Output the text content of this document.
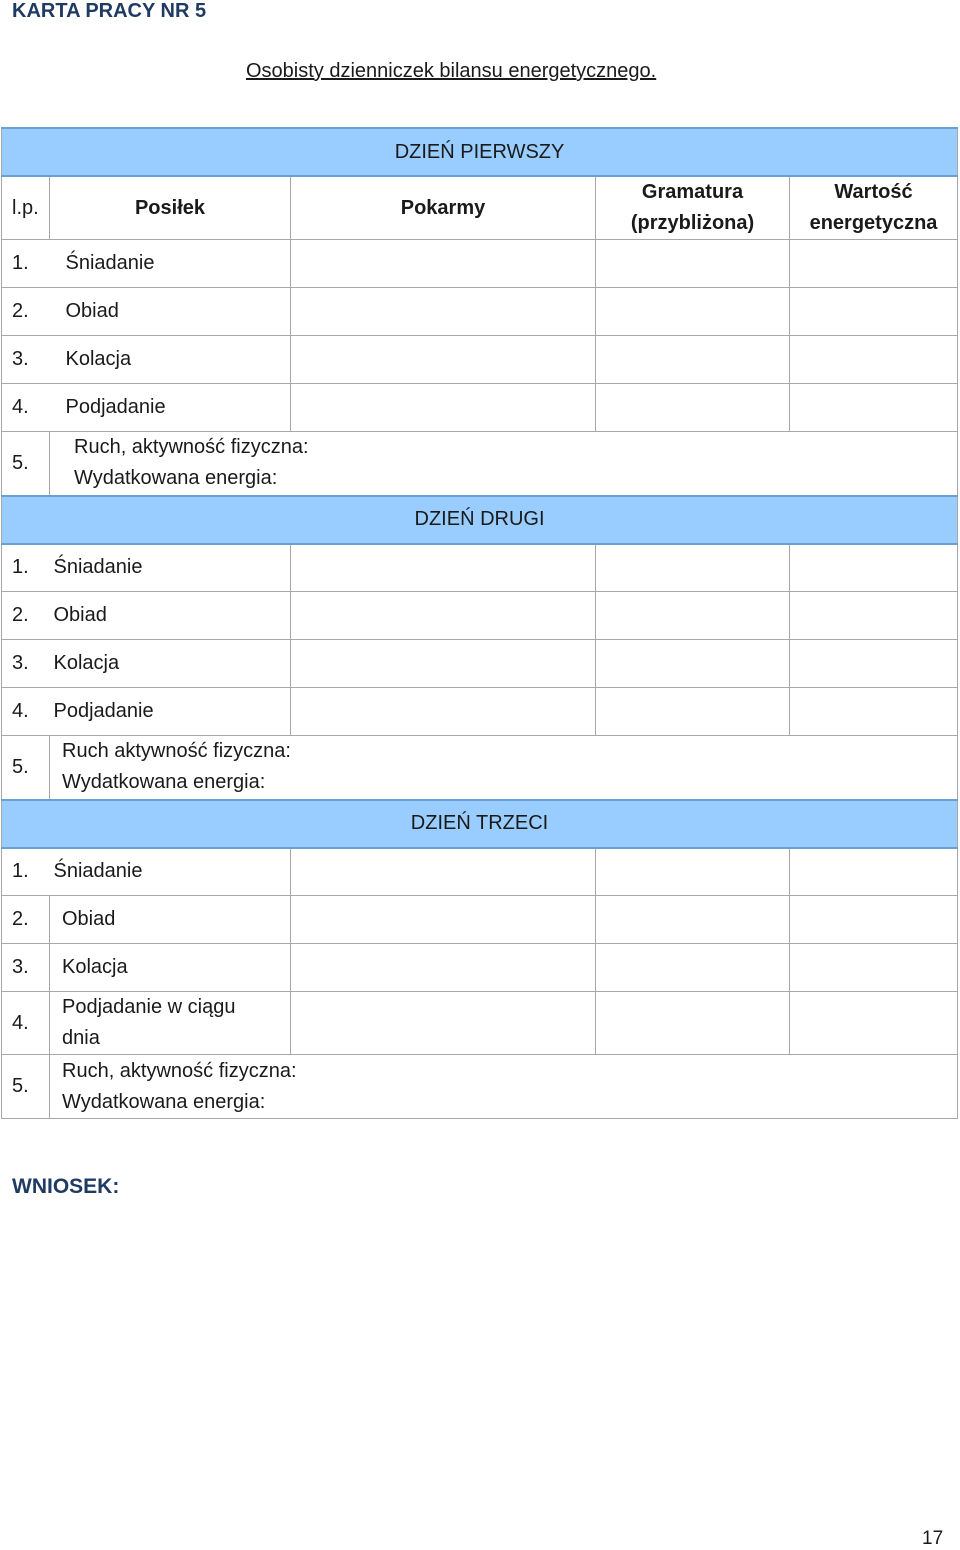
KARTA PRACY NR 5
Osobisty dzienniczek bilansu energetycznego.
DZIEŃ PIERWSZY				
l.p.	Posiłek	Pokarmy	Gramatura (przybliżona)	Wartość energetyczna
1.	Śniadanie			
2.	Obiad			
3.	Kolacja			
4.	Podjadanie			
5.	Ruch, aktywność fizyczna:
Wydatkowana energia:			

DZIEŃ DRUGI				
1.	Śniadanie			
2.	Obiad			
3.	Kolacja			
4.	Podjadanie			
5.	Ruch aktywność fizyczna:
Wydatkowana energia:			

DZIEŃ TRZECI				
1.	Śniadanie			
2.	Obiad			
3.	Kolacja			
4.	Podjadanie w ciągu
dnia			

5.	Ruch, aktywność fizyczna:
Wydatkowana energia:			
WNIOSEK:
17
